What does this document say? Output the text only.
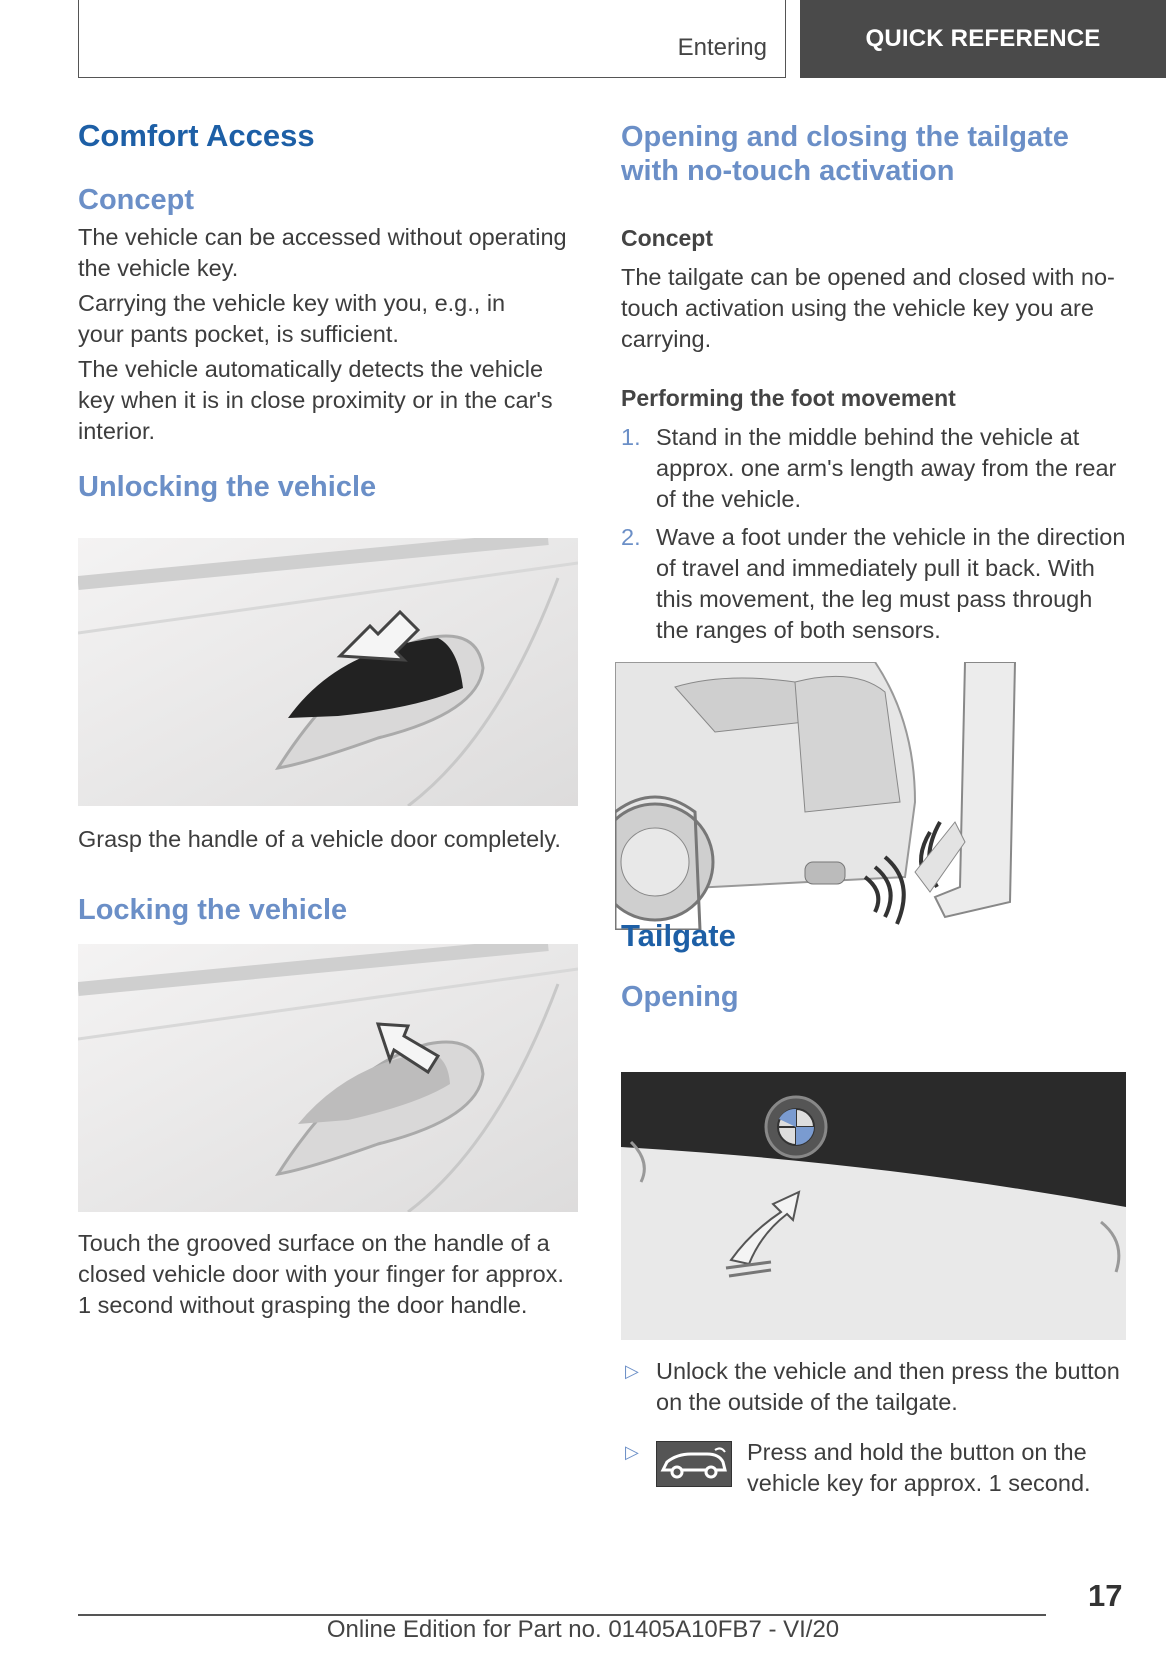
Entering	QUICK REFERENCE
Comfort Access
Concept

The vehicle can be accessed without operating the vehicle key.

Carrying the vehicle key with you, e.g., in your pants pocket, is sufficient.

The vehicle automatically detects the vehicle key when it is in close proximity or in the car's interior.

Unlocking the vehicle

Grasp the handle of a vehicle door completely.

Locking the vehicle

Touch the grooved surface on the handle of a closed vehicle door with your finger for approx. 1 second without grasping the door handle.

Opening and closing the tailgate with no-touch activation
Concept

The tailgate can be opened and closed with no-touch activation using the vehicle key you are carrying.

Performing the foot movement
1. Stand in the middle behind the vehicle at approx. one arm's length away from the rear of the vehicle.
2. Wave a foot under the vehicle in the direction of travel and immediately pull it back. With this movement, the leg must pass through the ranges of both sensors.
Tailgate
Opening
▷ Unlock the vehicle and then press the button on the outside of the tailgate.
▷	Press and hold the button on the vehicle key for approx. 1 second.
17
Online Edition for Part no. 01405A10FB7 - VI/20
